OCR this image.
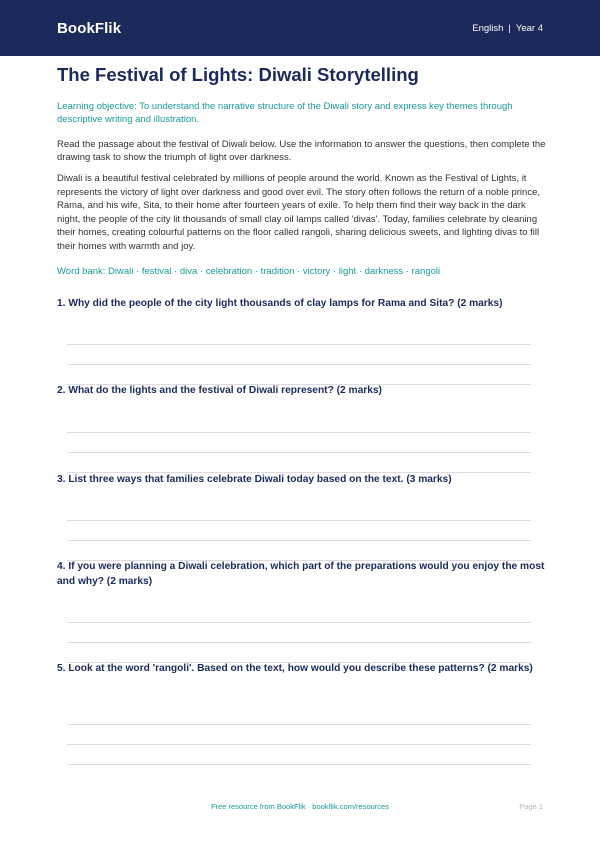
BookFlik	English | Year 4
The Festival of Lights: Diwali Storytelling

Learning objective: To understand the narrative structure of the Diwali story and express key themes through descriptive writing and illustration.

Read the passage about the festival of Diwali below. Use the information to answer the questions, then complete the drawing task to show the triumph of light over darkness.

Diwali is a beautiful festival celebrated by millions of people around the world. Known as the Festival of Lights, it represents the victory of light over darkness and good over evil. The story often follows the return of a noble prince, Rama, and his wife, Sita, to their home after fourteen years of exile. To help them find their way back in the dark night, the people of the city lit thousands of small clay oil lamps called 'divas'. Today, families celebrate by cleaning their homes, creating colourful patterns on the floor called rangoli, sharing delicious sweets, and lighting divas to fill their homes with warmth and joy.

Word bank: Diwali · festival · diva · celebration · tradition · victory · light · darkness · rangoli

1. Why did the people of the city light thousands of clay lamps for Rama and Sita? (2 marks)

2. What do the lights and the festival of Diwali represent? (2 marks)

3. List three ways that families celebrate Diwali today based on the text. (3 marks)

4. If you were planning a Diwali celebration, which part of the preparations would you enjoy the most and why? (2 marks)

5. Look at the word 'rangoli'. Based on the text, how would you describe these patterns? (2 marks)

Free resource from BookFlik · bookflik.com/resources	Page 1
